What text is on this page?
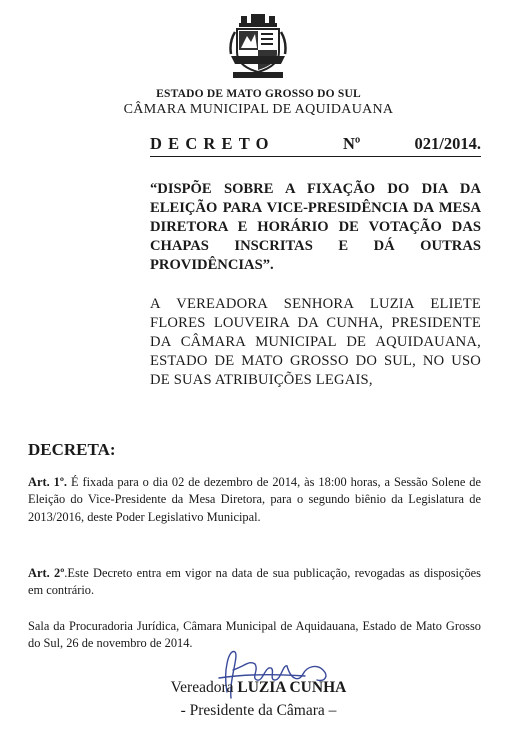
ESTADO DE MATO GROSSO DO SUL
CÂMARA MUNICIPAL DE AQUIDAUANA
DECRETO	Nº	021/2014.
“DISPÕE SOBRE A FIXAÇÃO DO DIA DA ELEIÇÃO PARA VICE-PRESIDÊNCIA DA MESA DIRETORA E HORÁRIO DE VOTAÇÃO DAS CHAPAS INSCRITAS E DÁ OUTRAS PROVIDÊNCIAS”.
A VEREADORA SENHORA LUZIA ELIETE FLORES LOUVEIRA DA CUNHA, PRESIDENTE DA CÂMARA MUNICIPAL DE AQUIDAUANA, ESTADO DE MATO GROSSO DO SUL, NO USO DE SUAS ATRIBUIÇÕES LEGAIS,
DECRETA:
Art. 1º. É fixada para o dia 02 de dezembro de 2014, às 18:00 horas, a Sessão Solene de Eleição do Vice-Presidente da Mesa Diretora, para o segundo biênio da Legislatura de 2013/2016, deste Poder Legislativo Municipal.
Art. 2º.Este Decreto entra em vigor na data de sua publicação, revogadas as disposições em contrário.
Sala da Procuradoria Jurídica, Câmara Municipal de Aquidauana, Estado de Mato Grosso do Sul, 26 de novembro de 2014.
Vereadora LUZIA CUNHA
- Presidente da Câmara –
